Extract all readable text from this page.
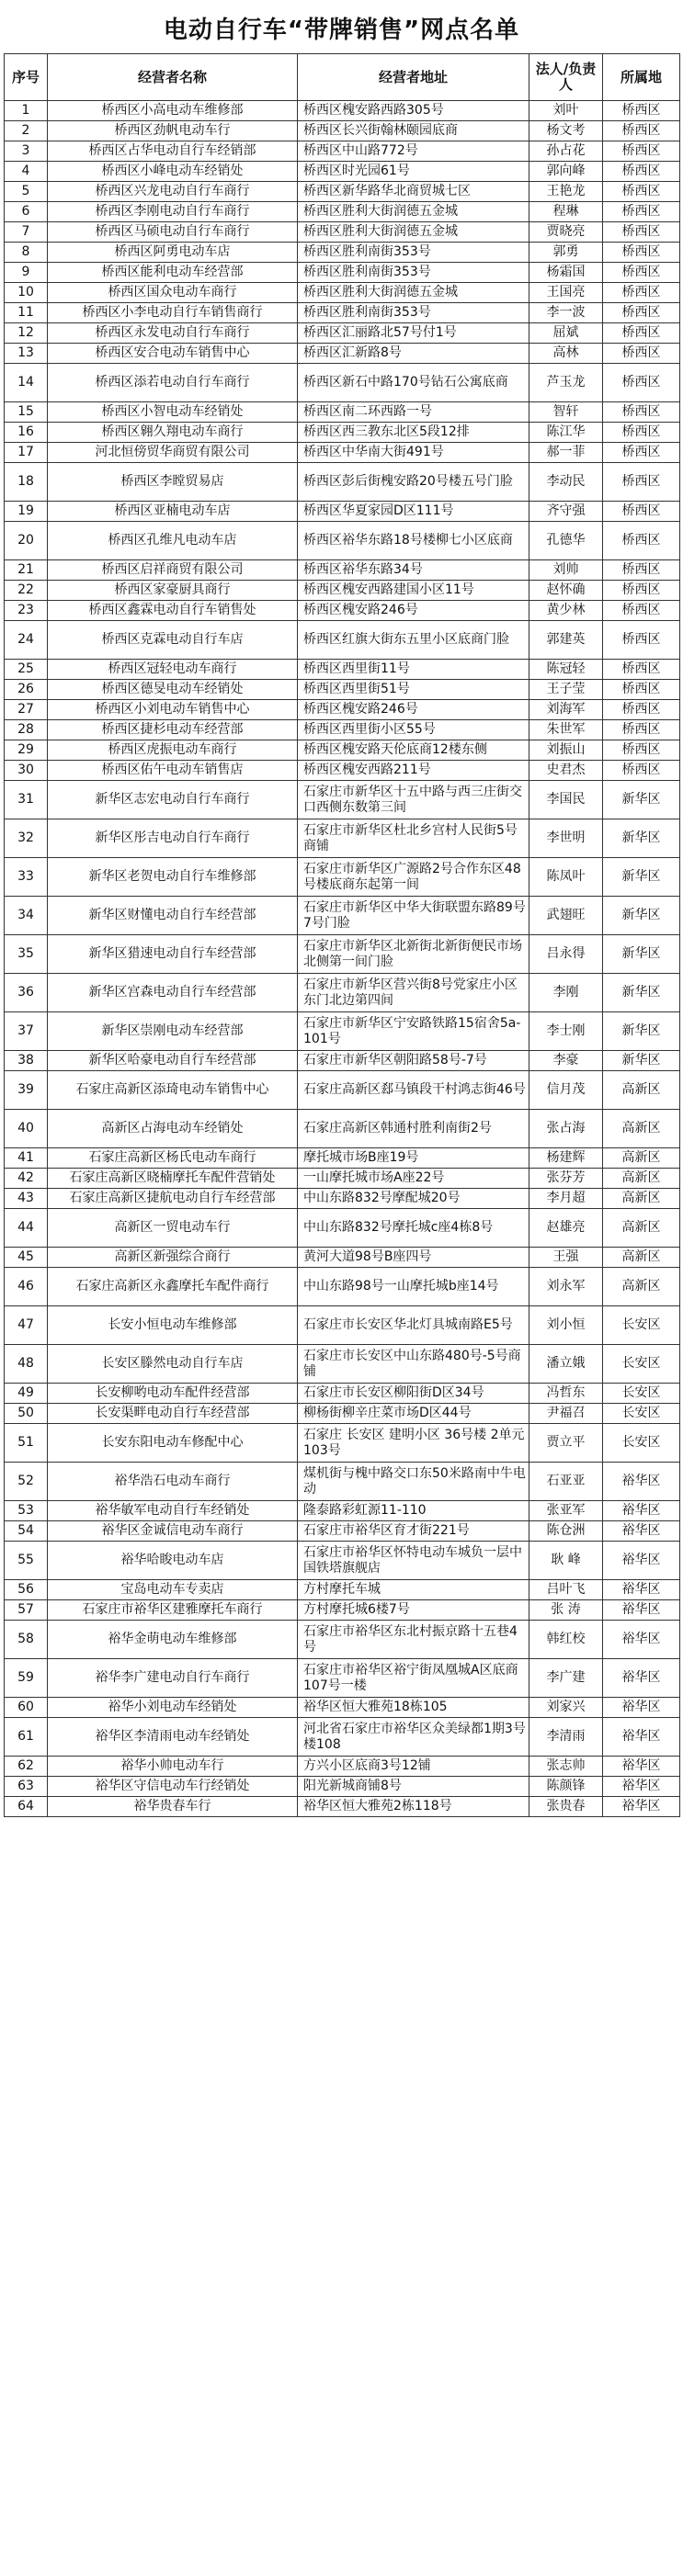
电动自行车“带牌销售”网点名单
序号	经营者名称	经营者地址	法人/负责人	所属地
1	桥西区小高电动车维修部	桥西区槐安路西路305号	刘叶	桥西区
2	桥西区劲帆电动车行	桥西区长兴街翰林颐园底商	杨文考	桥西区
3	桥西区占华电动自行车经销部	桥西区中山路772号	孙占花	桥西区
4	桥西区小峰电动车经销处	桥西区时光园61号	郭向峰	桥西区
5	桥西区兴龙电动自行车商行	桥西区新华路华北商贸城七区	王艳龙	桥西区
6	桥西区李刚电动自行车商行	桥西区胜利大街润德五金城	程琳	桥西区
7	桥西区马硕电动自行车商行	桥西区胜利大街润德五金城	贾晓亮	桥西区
8	桥西区阿勇电动车店	桥西区胜利南街353号	郭勇	桥西区
9	桥西区能利电动车经营部	桥西区胜利南街353号	杨霜国	桥西区
10	桥西区国众电动车商行	桥西区胜利大街润德五金城	王国亮	桥西区
11	桥西区小李电动自行车销售商行	桥西区胜利南街353号	李一波	桥西区
12	桥西区永发电动自行车商行	桥西区汇丽路北57号付1号	屈斌	桥西区
13	桥西区安合电动车销售中心	桥西区汇新路8号	高林	桥西区
14	桥西区添若电动自行车商行	桥西区新石中路170号钻石公寓底商	芦玉龙	桥西区
15	桥西区小智电动车经销处	桥西区南二环西路一号	智轩	桥西区
16	桥西区翱久翔电动车商行	桥西区西三教东北区5段12排	陈江华	桥西区
17	河北恒傍贸华商贸有限公司	桥西区中华南大街491号	郝一菲	桥西区
18	桥西区李瞠贸易店	桥西区彭后街槐安路20号楼五号门脸	李动民	桥西区
19	桥西区亚楠电动车店	桥西区华夏家园D区111号	齐守强	桥西区
20	桥西区孔维凡电动车店	桥西区裕华东路18号楼柳七小区底商	孔德华	桥西区
21	桥西区启祥商贸有限公司	桥西区裕华东路34号	刘帅	桥西区
22	桥西区家豪厨具商行	桥西区槐安西路建国小区11号	赵怀确	桥西区
23	桥西区鑫霖电动自行车销售处	桥西区槐安路246号	黄少林	桥西区
24	桥西区克霖电动自行车店	桥西区红旗大街东五里小区底商门脸	郭建英	桥西区
25	桥西区冠轻电动车商行	桥西区西里街11号	陈冠轻	桥西区
26	桥西区德旻电动车经销处	桥西区西里街51号	王子莹	桥西区
27	桥西区小刘电动车销售中心	桥西区槐安路246号	刘海军	桥西区
28	桥西区捷杉电动车经营部	桥西区西里街小区55号	朱世军	桥西区
29	桥西区虎振电动车商行	桥西区槐安路天伦底商12楼东侧	刘振山	桥西区
30	桥西区佑午电动车销售店	桥西区槐安西路211号	史君杰	桥西区
31	新华区志宏电动自行车商行	石家庄市新华区十五中路与西三庄街交口西侧东数第三间	李国民	新华区
32	新华区彤吉电动自行车商行	石家庄市新华区杜北乡宫村人民街5号商铺	李世明	新华区
33	新华区老贺电动自行车维修部	石家庄市新华区广源路2号合作东区48号楼底商东起第一间	陈凤叶	新华区
34	新华区财懂电动自行车经营部	石家庄市新华区中华大街联盟东路89号7号门脸	武翅旺	新华区
35	新华区猎速电动自行车经营部	石家庄市新华区北新街北新街便民市场北侧第一间门脸	吕永得	新华区
36	新华区宫森电动自行车经营部	石家庄市新华区营兴街8号党家庄小区东门北边第四间	李刚	新华区
37	新华区崇刚电动车经营部	石家庄市新华区宁安路铁路15宿舍5a-101号	李士刚	新华区
38	新华区哈豪电动自行车经营部	石家庄市新华区朝阳路58号-7号	李豪	新华区
39	石家庄高新区添琦电动车销售中心	石家庄高新区郄马镇段干村鸿志街46号	信月茂	高新区
40	高新区占海电动车经销处	石家庄高新区韩通村胜利南街2号	张占海	高新区
41	石家庄高新区杨氏电动车商行	摩托城市场B座19号	杨建辉	高新区
42	石家庄高新区晓楠摩托车配件营销处	一山摩托城市场A座22号	张芬芳	高新区
43	石家庄高新区捷航电动自行车经营部	中山东路832号摩配城20号	李月超	高新区
44	高新区一贸电动车行	中山东路832号摩托城c座4栋8号	赵雄亮	高新区
45	高新区新强综合商行	黄河大道98号B座四号	王强	高新区
46	石家庄高新区永鑫摩托车配件商行	中山东路98号一山摩托城b座14号	刘永军	高新区
47	长安小恒电动车维修部	石家庄市长安区华北灯具城南路E5号	刘小恒	长安区
48	长安区滕然电动自行车店	石家庄市长安区中山东路480号-5号商铺	潘立娥	长安区
49	长安柳哟电动车配件经营部	石家庄市长安区柳阳街D区34号	冯哲东	长安区
50	长安渠畔电动自行车经营部	柳杨街柳辛庄菜市场D区44号	尹福召	长安区
51	长安东阳电动车修配中心	石家庄 长安区 建明小区 36号楼 2单元 103号	贾立平	长安区
52	裕华浩石电动车商行	煤机街与槐中路交口东50米路南中牛电动	石亚亚	裕华区
53	裕华敏军电动自行车经销处	隆泰路彩虹源11-110	张亚军	裕华区
54	裕华区金诚信电动车商行	石家庄市裕华区育才街221号	陈仓洲	裕华区
55	裕华哈睃电动车店	石家庄市裕华区怀特电动车城负一层中国铁塔旗舰店	耿 峰	裕华区
56	宝岛电动车专卖店	方村摩托车城	吕叶飞	裕华区
57	石家庄市裕华区建雅摩托车商行	方村摩托城6楼7号	张 涛	裕华区
58	裕华金萌电动车维修部	石家庄市裕华区东北村振京路十五巷4号	韩红校	裕华区
59	裕华李广建电动自行车商行	石家庄市裕华区裕宁街凤凰城A区底商107号一楼	李广建	裕华区
60	裕华小刘电动车经销处	裕华区恒大雅苑18栋105	刘家兴	裕华区
61	裕华区李清雨电动车经销处	河北省石家庄市裕华区众美绿都1期3号楼108	李清雨	裕华区
62	裕华小帅电动车行	方兴小区底商3号12铺	张志帅	裕华区
63	裕华区守信电动车行经销处	阳光新城商铺8号	陈颜锋	裕华区
64	裕华贵春车行	裕华区恒大雅苑2栋118号	张贵春	裕华区
